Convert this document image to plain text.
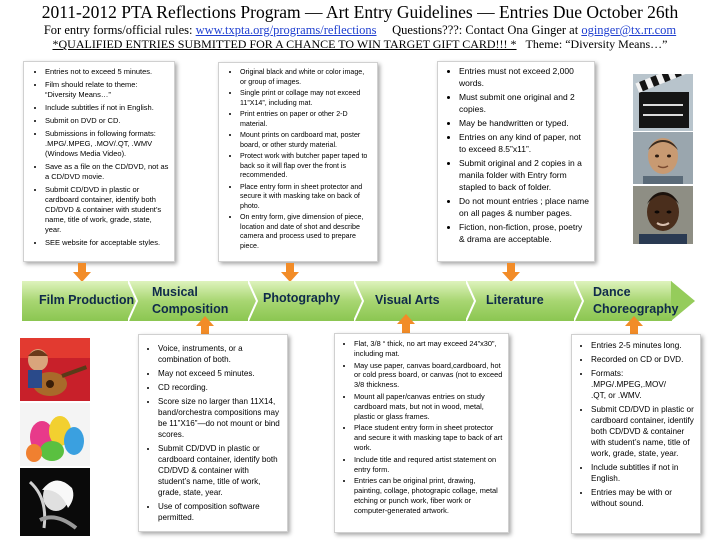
2011-2012 PTA Reflections Program — Art Entry Guidelines — Entries Due October 26th
For entry forms/official rules: www.txpta.org/programs/reflections Questions???: Contact Ona Ginger at oginger@tx.rr.com
*QUALIFIED ENTRIES SUBMITTED FOR A CHANCE TO WIN TARGET GIFT CARD!!! * Theme: “Diversity Means…”
• Entries not to exceed 5 minutes.
• Film should relate to theme: “Diversity Means…”
• Include subtitles if not in English.
• Submit on DVD or CD.
• Submissions in following formats: .MPG/.MPEG, .MOV/.QT, .WMV (Windows Media Video).
• Save as a file on the CD/DVD, not as a CD/DVD movie.
• Submit CD/DVD in plastic or cardboard container, identify both CD/DVD & container with student’s name, title of work, grade, state, year.
• SEE website for acceptable styles.
• Original black and white or color image, or group of images.
• Single print or collage may not exceed 11”X14”, including mat.
• Print entries on paper or other 2-D material.
• Mount prints on cardboard mat, poster board, or other sturdy material.
• Protect work with butcher paper taped to back so it will flap over the front is recommended.
• Place entry form in sheet protector and secure it with masking take on back of photo.
• On entry form, give dimension of piece, location and date of shot and describe camera and process used to prepare piece.
• Entries must not exceed 2,000 words.
• Must submit one original and 2 copies.
• May be handwritten or typed.
• Entries on any kind of paper, not to exceed 8.5”x11”.
• Submit original and 2 copies in a manila folder with Entry form stapled to back of folder.
• Do not mount entries ; place name on all pages & number pages.
• Fiction, non-fiction, prose, poetry & drama are acceptable.
Film Production
Musical Composition
Photography	Visual Arts	Literature
Dance Choreography
• Voice, instruments, or a combination of both.
• May not exceed 5 minutes.
• CD recording.
• Score size no larger than 11X14, band/orchestra compositions may be 11”X16”—do not mount or bind scores.
• Submit CD/DVD in plastic or cardboard container, identify both CD/DVD & container with student’s name, title of work, grade, state, year.
• Use of composition software permitted.
• Flat, 3/8 “ thick, no art may exceed 24”x30”, including mat.
• May use paper, canvas board,cardboard, hot or cold press board, or canvas (not to exceed 3/8 thickness.
• Mount all paper/canvas entries on study cardboard mats, but not in wood, metal, plastic or glass frames.
• Place student entry form in sheet protector and secure it with masking tape to back of art work.
• Include title and requred artist statement on entry form.
• Entries can be original print, drawing, painting, collage, photograpic collage, metal etching or punch work, fiber work or computer-generated artwork.
• Entries 2-5 minutes long.
• Recorded on CD or DVD.
• Formats: .MPG/.MPEG,.MOV/
.QT, or .WMV.
• Submit CD/DVD in plastic or cardboard container, identify both CD/DVD & container with student’s name, title of work, grade, state, year.
• Include subtitles if not in English.
• Entries may be with or without sound.
